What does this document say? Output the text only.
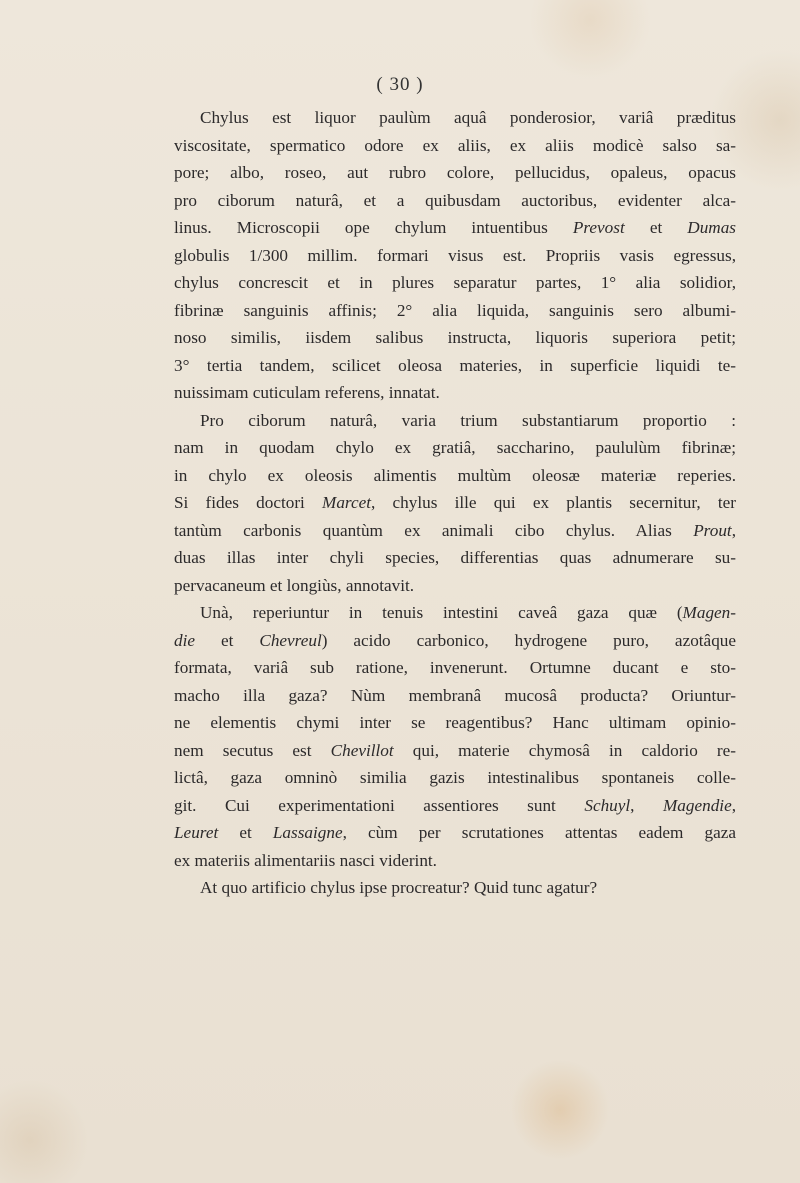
( 30 )

Chylus est liquor paulùm aquâ ponderosior, variâ præditus
viscositate, spermatico odore ex aliis, ex aliis modicè salso sa-
pore; albo, roseo, aut rubro colore, pellucidus, opaleus, opacus
pro ciborum naturâ, et a quibusdam auctoribus, evidenter alca-
linus. Microscopii ope chylum intuentibus Prevost et Dumas
globulis 1/300 millim. formari visus est. Propriis vasis egressus,
chylus concrescit et in plures separatur partes, 1° alia solidior,
fibrinæ sanguinis affinis; 2° alia liquida, sanguinis sero albumi-
noso similis, iisdem salibus instructa, liquoris superiora petit;
3° tertia tandem, scilicet oleosa materies, in superficie liquidi te-
nuissimam cuticulam referens, innatat.

Pro ciborum naturâ, varia trium substantiarum proportio :
nam in quodam chylo ex gratiâ, saccharino, paululùm fibrinæ;
in chylo ex oleosis alimentis multùm oleosæ materiæ reperies.
Si fides doctori Marcet, chylus ille qui ex plantis secernitur, ter
tantùm carbonis quantùm ex animali cibo chylus. Alias Prout,
duas illas inter chyli species, differentias quas adnumerare su-
pervacaneum et longiùs, annotavit.

Unà, reperiuntur in tenuis intestini caveâ gaza quæ (Magen-
die et Chevreul) acido carbonico, hydrogene puro, azotâque
formata, variâ sub ratione, invenerunt. Ortumne ducant e sto-
macho illa gaza? Nùm membranâ mucosâ producta? Oriuntur-
ne elementis chymi inter se reagentibus? Hanc ultimam opinio-
nem secutus est Chevillot qui, materie chymosâ in caldorio re-
lictâ, gaza omninò similia gazis intestinalibus spontaneis colle-
git. Cui experimentationi assentiores sunt Schuyl, Magendie,
Leuret et Lassaigne, cùm per scrutationes attentas eadem gaza
ex materiis alimentariis nasci viderint.

At quo artificio chylus ipse procreatur? Quid tunc agatur?
